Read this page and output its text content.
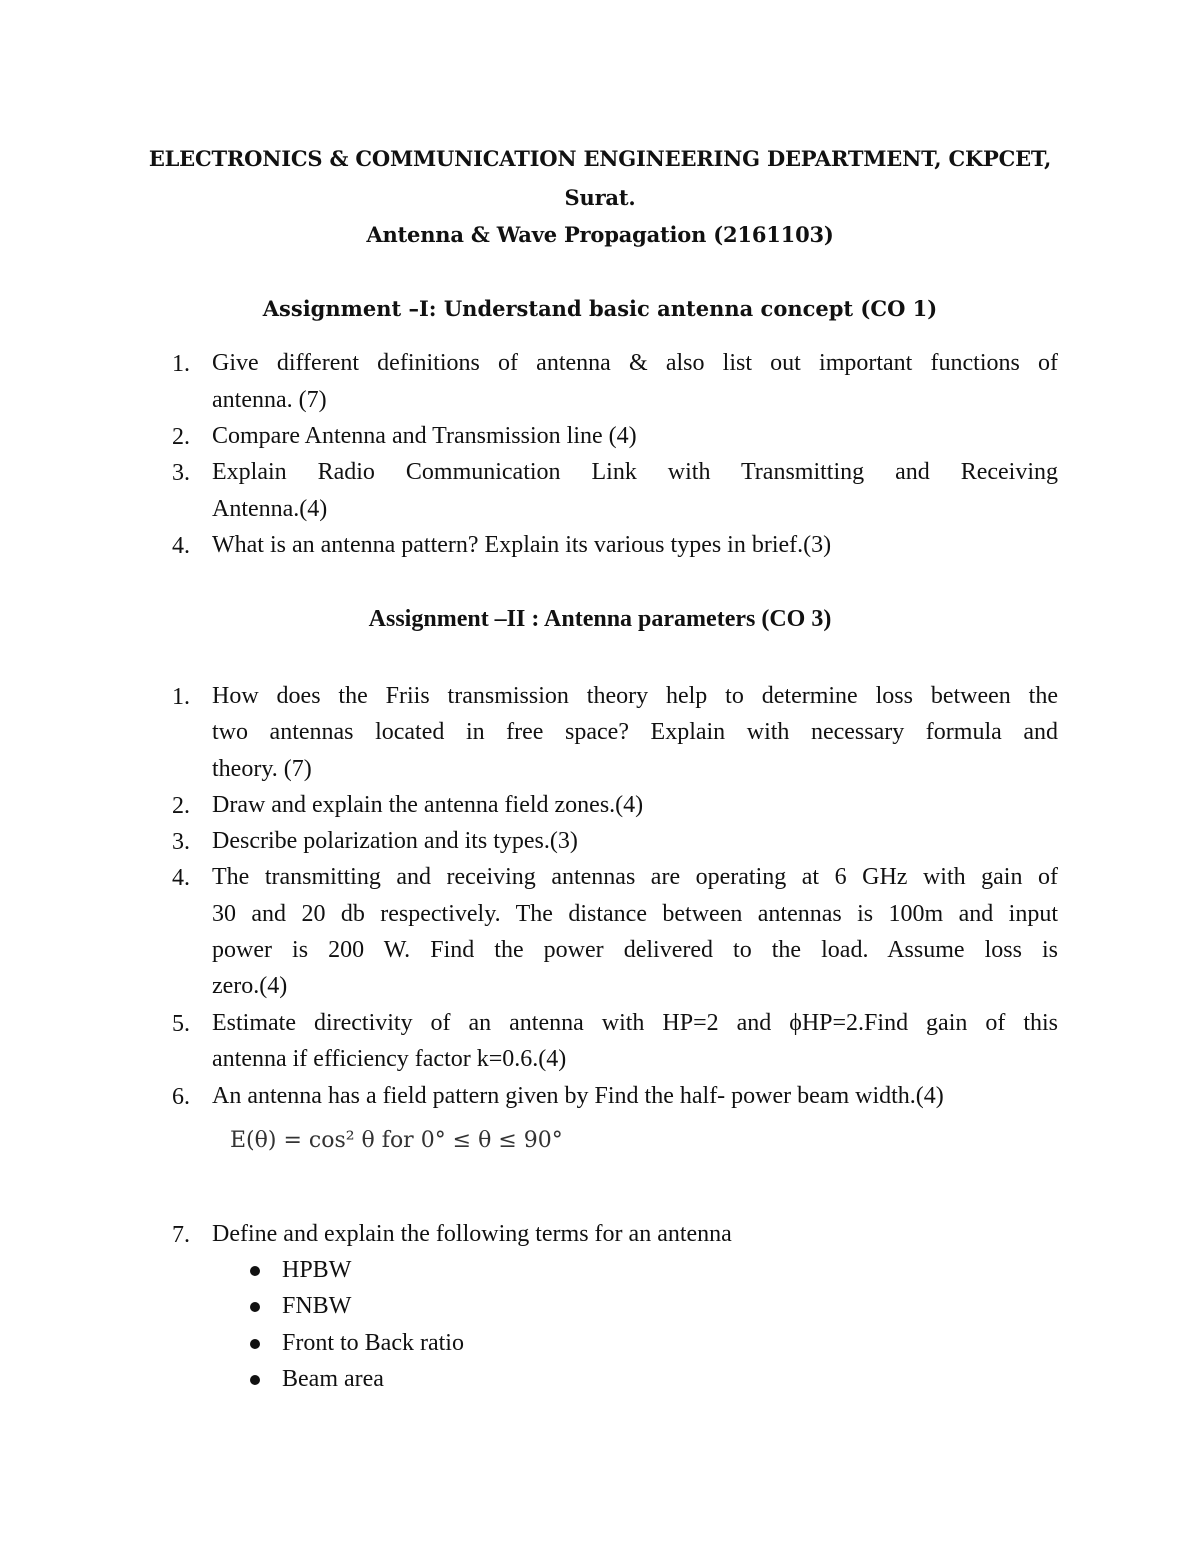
ELECTRONICS & COMMUNICATION ENGINEERING DEPARTMENT, CKPCET,
Surat.
Antenna & Wave Propagation (2161103)
Assignment –I: Understand basic antenna concept (CO 1)
1. Give different definitions of antenna & also list out important functions of
antenna. (7)
2. Compare Antenna and Transmission line (4)
3. Explain Radio Communication Link with Transmitting and Receiving
Antenna.(4)
4. What is an antenna pattern? Explain its various types in brief.(3)
Assignment –II : Antenna parameters (CO 3)
1. How does the Friis transmission theory help to determine loss between the
two antennas located in free space? Explain with necessary formula and
theory. (7)
2. Draw and explain the antenna field zones.(4)
3. Describe polarization and its types.(3)
4. The transmitting and receiving antennas are operating at 6 GHz with gain of
30 and 20 db respectively. The distance between antennas is 100m and input
power is 200 W. Find the power delivered to the load. Assume loss is
zero.(4)
5. Estimate directivity of an antenna with HP=2 and ϕHP=2.Find gain of this
antenna if efficiency factor k=0.6.(4)
6. An antenna has a field pattern given by Find the half- power beam width.(4)
E(θ) = cos² θ for 0° ≤ θ ≤ 90°
7. Define and explain the following terms for an antenna
HPBW
FNBW
Front to Back ratio
Beam area
